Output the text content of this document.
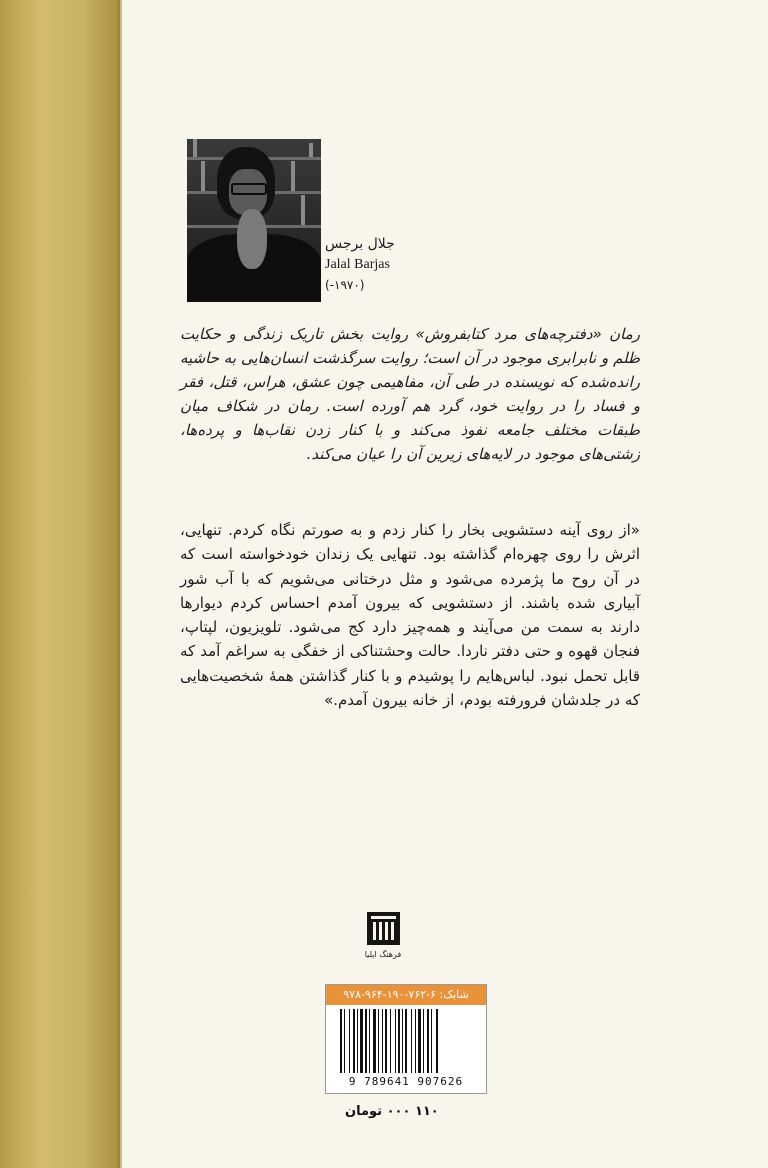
جلال برجس
Jalal Barjas
(۱۹۷۰-)

رمان «دفترچه‌های مرد کتابفروش» روایت بخش تاریک زندگی و حکایت ظلم و نابرابری موجود در آن است؛ روایت سرگذشت انسان‌هایی به حاشیه رانده‌شده که نویسنده در طی آن، مفاهیمی چون عشق، هراس، قتل، فقر و فساد را در روایت خود، گرد هم آورده است. رمان در شکاف میان طبقات مختلف جامعه نفوذ می‌کند و با کنار زدن نقاب‌ها و پرده‌ها، زشتی‌های موجود در لایه‌های زیرین آن را عیان می‌کند.

«از روی آینه دستشویی بخار را کنار زدم و به صورتم نگاه کردم. تنهایی، اثرش را روی چهره‌ام گذاشته بود. تنهایی یک زندان خودخواسته است که در آن روح ما پژمرده می‌شود و مثل درختانی می‌شویم که با آب شور آبیاری شده باشند. از دستشویی که بیرون آمدم احساس کردم دیوارها دارند به سمت من می‌آیند و همه‌چیز دارد کج می‌شود. تلویزیون، لپتاپ، فنجان قهوه و حتی دفتر ناردا. حالت وحشتناکی از خفگی به سراغم آمد که قابل تحمل نبود. لباس‌هایم را پوشیدم و با کنار گذاشتن همهٔ شخصیت‌هایی که در جلدشان فرورفته بودم، از خانه بیرون آمدم.»

فرهنگ ایلیا
شابک: ۶-۷۶۲-۱۹۰-۹۶۴-۹۷۸
9 789641 907626
۱۱۰ ۰۰۰ تومان
